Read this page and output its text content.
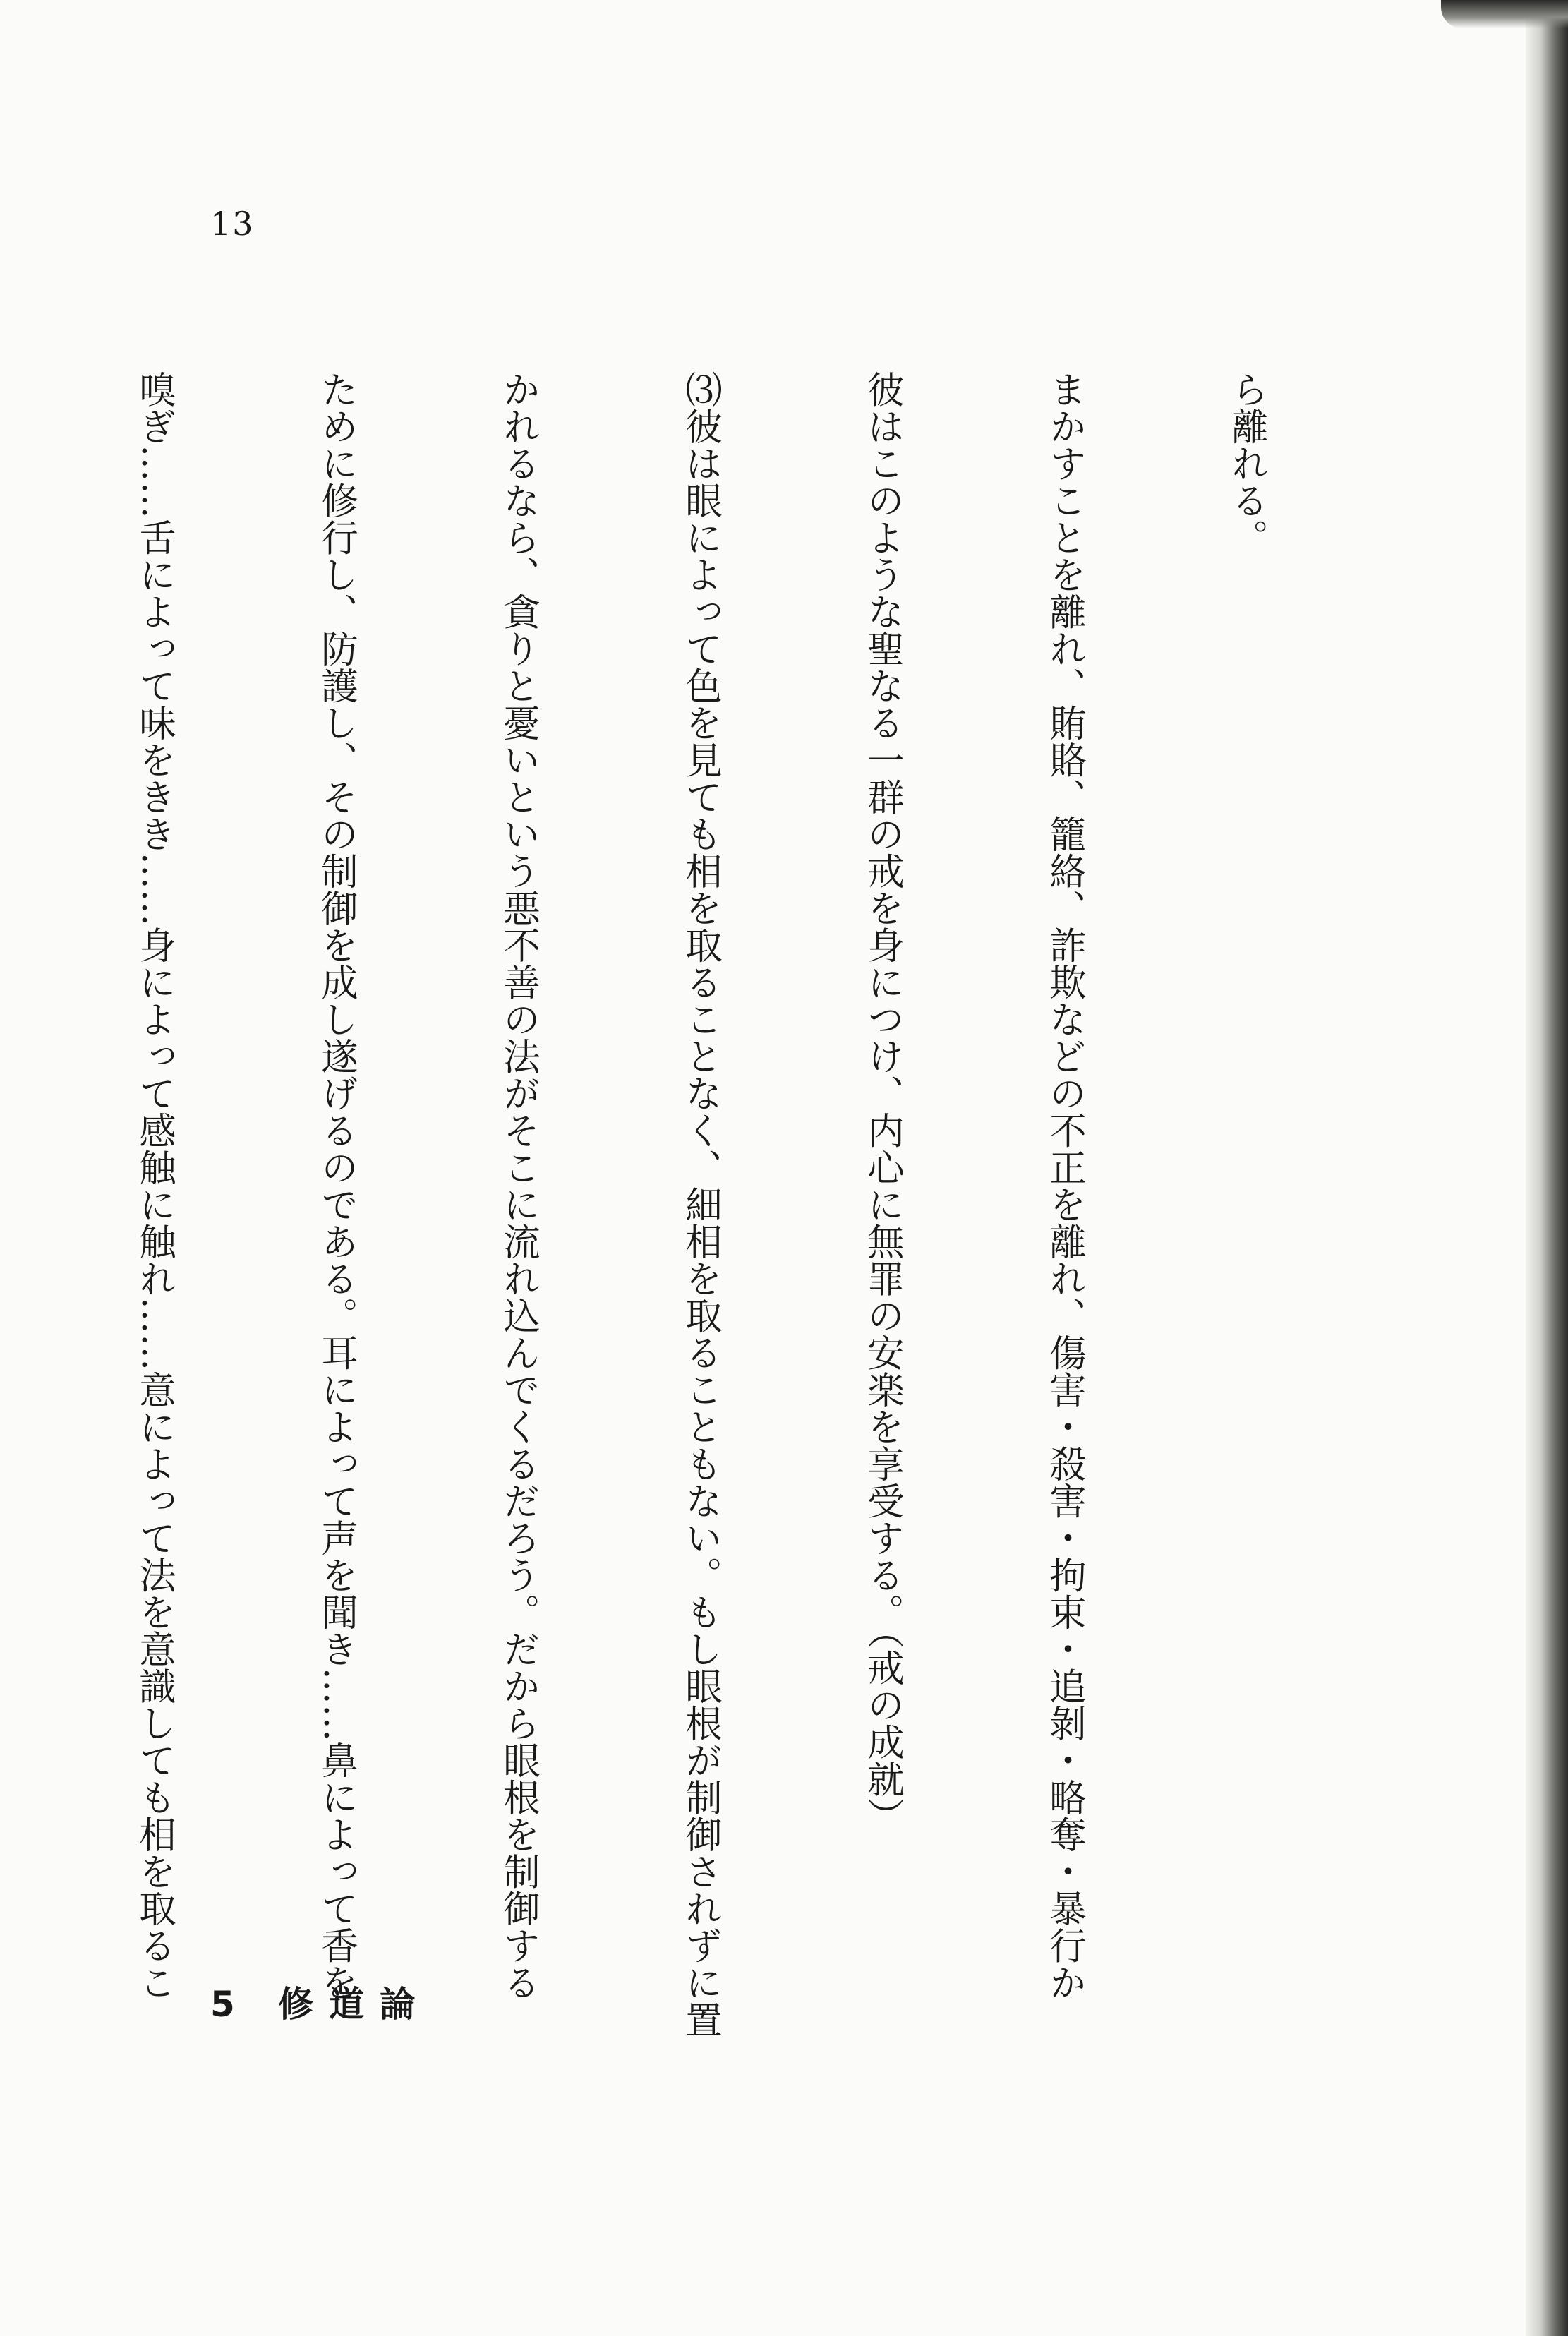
13

ら離れる。

まかすことを離れ、賄賂、籠絡、詐欺などの不正を離れ、傷害・殺害・拘束・追剝・略奪・暴行か

彼はこのような聖なる一群の戒を身につけ、内心に無罪の安楽を享受する。（戒の成就）

⑶彼は眼によって色を見ても相を取ることなく、細相を取ることもない。もし眼根が制御されずに置

かれるなら、貪りと憂いという悪不善の法がそこに流れ込んでくるだろう。だから眼根を制御する

ために修行し、防護し、その制御を成し遂げるのである。耳によって声を聞き……鼻によって香を

嗅ぎ……舌によって味をきき……身によって感触に触れ……意によって法を意識しても相を取るこ

5 修道論
